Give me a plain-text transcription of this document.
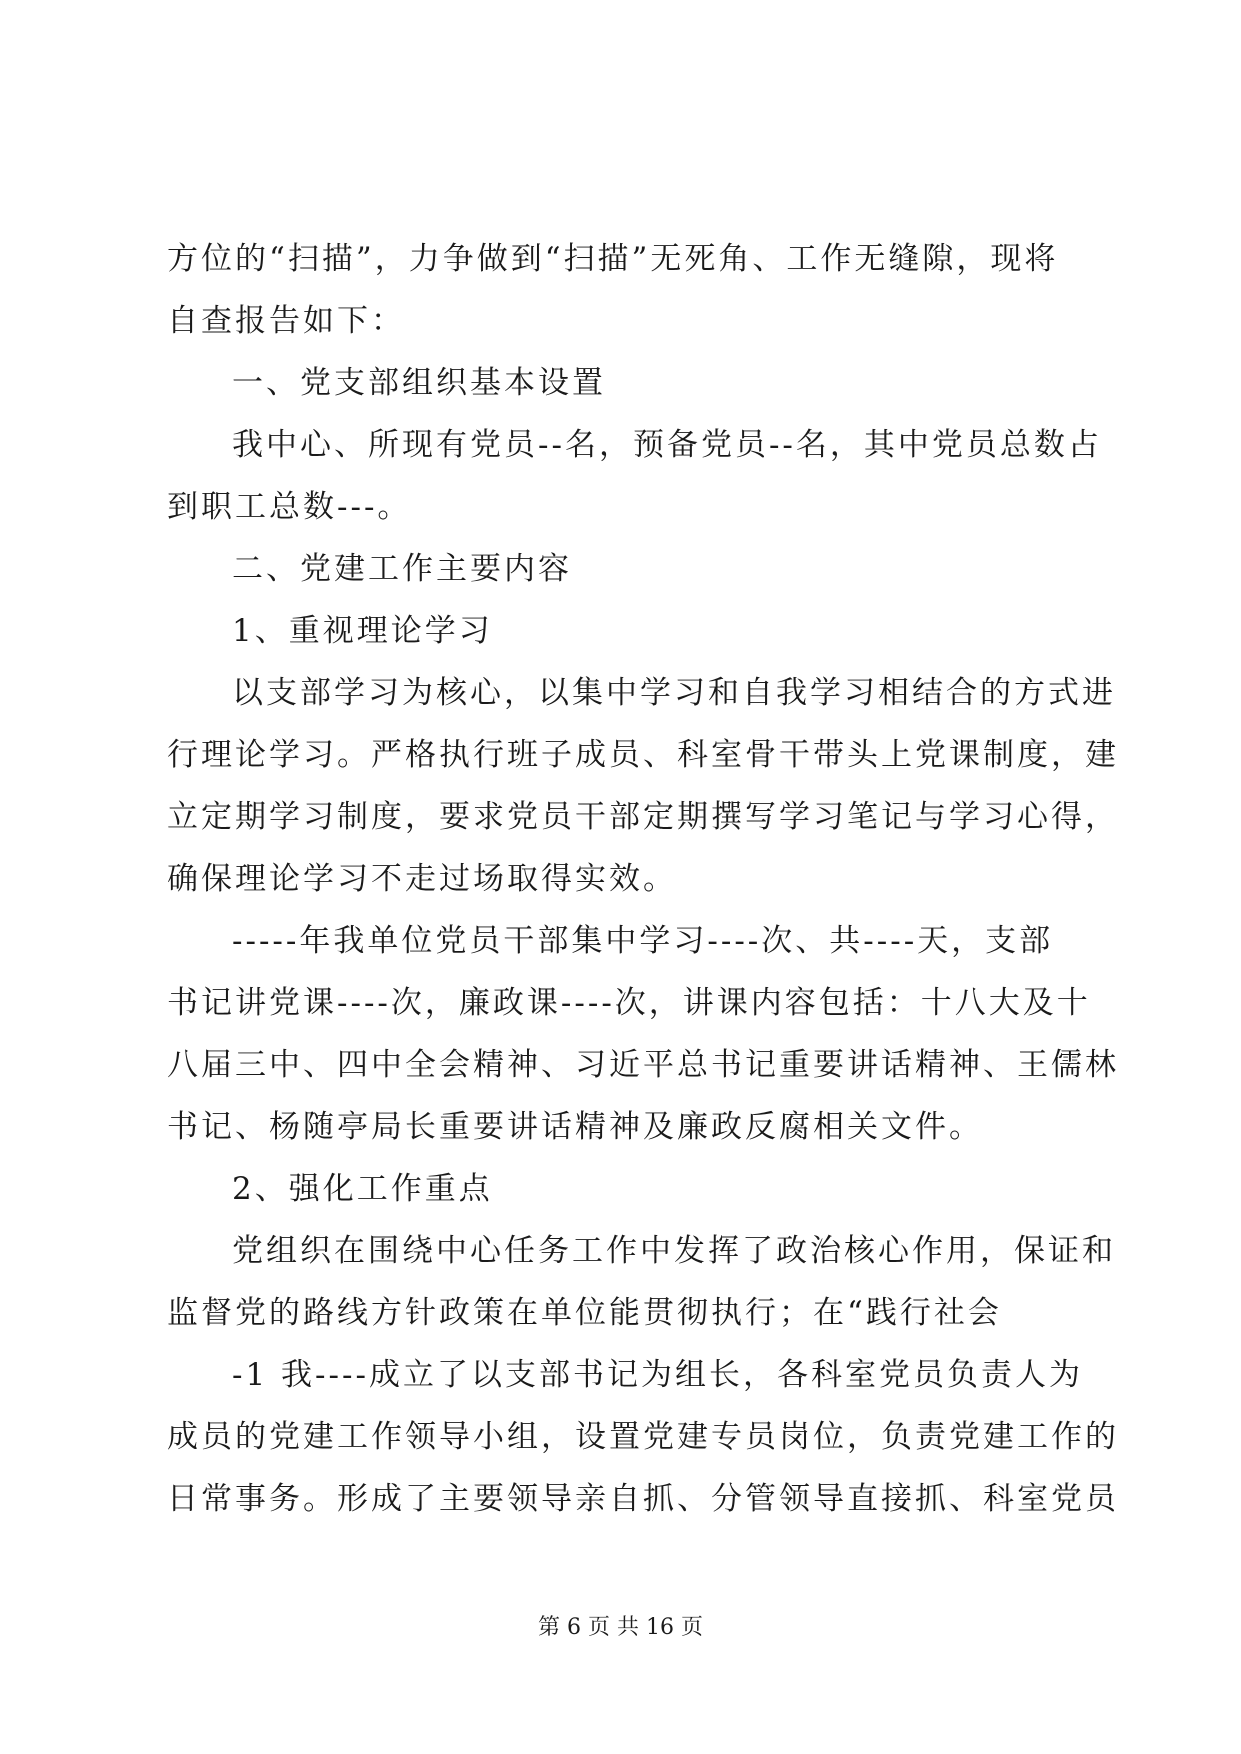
方位的“扫描”，力争做到“扫描”无死角、工作无缝隙，现将
自查报告如下：
一、党支部组织基本设置
我中心、所现有党员--名，预备党员--名，其中党员总数占
到职工总数---。
二、党建工作主要内容
1、重视理论学习
以支部学习为核心，以集中学习和自我学习相结合的方式进
行理论学习。严格执行班子成员、科室骨干带头上党课制度，建
立定期学习制度，要求党员干部定期撰写学习笔记与学习心得，
确保理论学习不走过场取得实效。
-----年我单位党员干部集中学习----次、共----天，支部
书记讲党课----次，廉政课----次，讲课内容包括：十八大及十
八届三中、四中全会精神、习近平总书记重要讲话精神、王儒林
书记、杨随亭局长重要讲话精神及廉政反腐相关文件。
2、强化工作重点
党组织在围绕中心任务工作中发挥了政治核心作用，保证和
监督党的路线方针政策在单位能贯彻执行；在“践行社会
-1 我----成立了以支部书记为组长，各科室党员负责人为
成员的党建工作领导小组，设置党建专员岗位，负责党建工作的
日常事务。形成了主要领导亲自抓、分管领导直接抓、科室党员
第 6 页 共 16 页
